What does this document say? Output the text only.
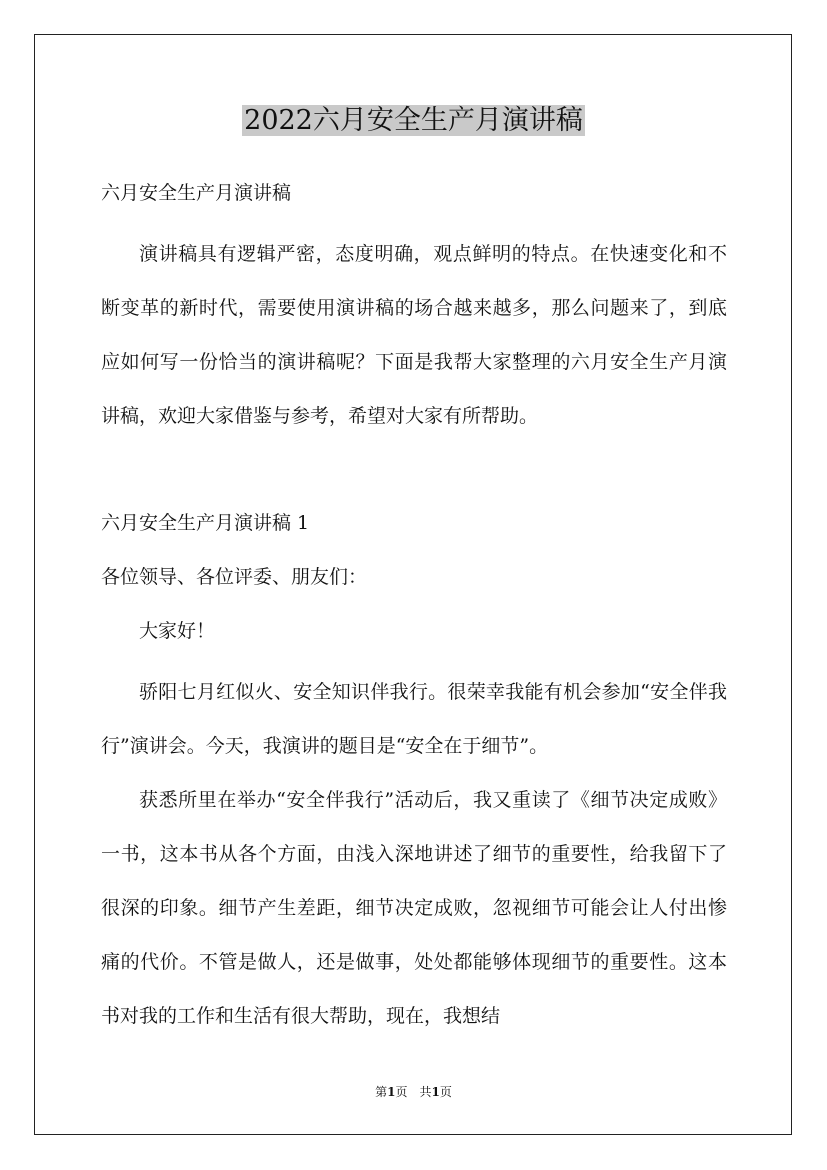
2022六月安全生产月演讲稿
六月安全生产月演讲稿

演讲稿具有逻辑严密，态度明确，观点鲜明的特点。在快速变化和不断变革的新时代，需要使用演讲稿的场合越来越多，那么问题来了，到底应如何写一份恰当的演讲稿呢？下面是我帮大家整理的六月安全生产月演讲稿，欢迎大家借鉴与参考，希望对大家有所帮助。

六月安全生产月演讲稿 1
各位领导、各位评委、朋友们：
大家好！

骄阳七月红似火、安全知识伴我行。很荣幸我能有机会参加“安全伴我行”演讲会。今天，我演讲的题目是“安全在于细节”。

获悉所里在举办“安全伴我行”活动后，我又重读了《细节决定成败》一书，这本书从各个方面，由浅入深地讲述了细节的重要性，给我留下了很深的印象。细节产生差距，细节决定成败，忽视细节可能会让人付出惨痛的代价。不管是做人，还是做事，处处都能够体现细节的重要性。这本书对我的工作和生活有很大帮助，现在，我想结

第1页　共1页
